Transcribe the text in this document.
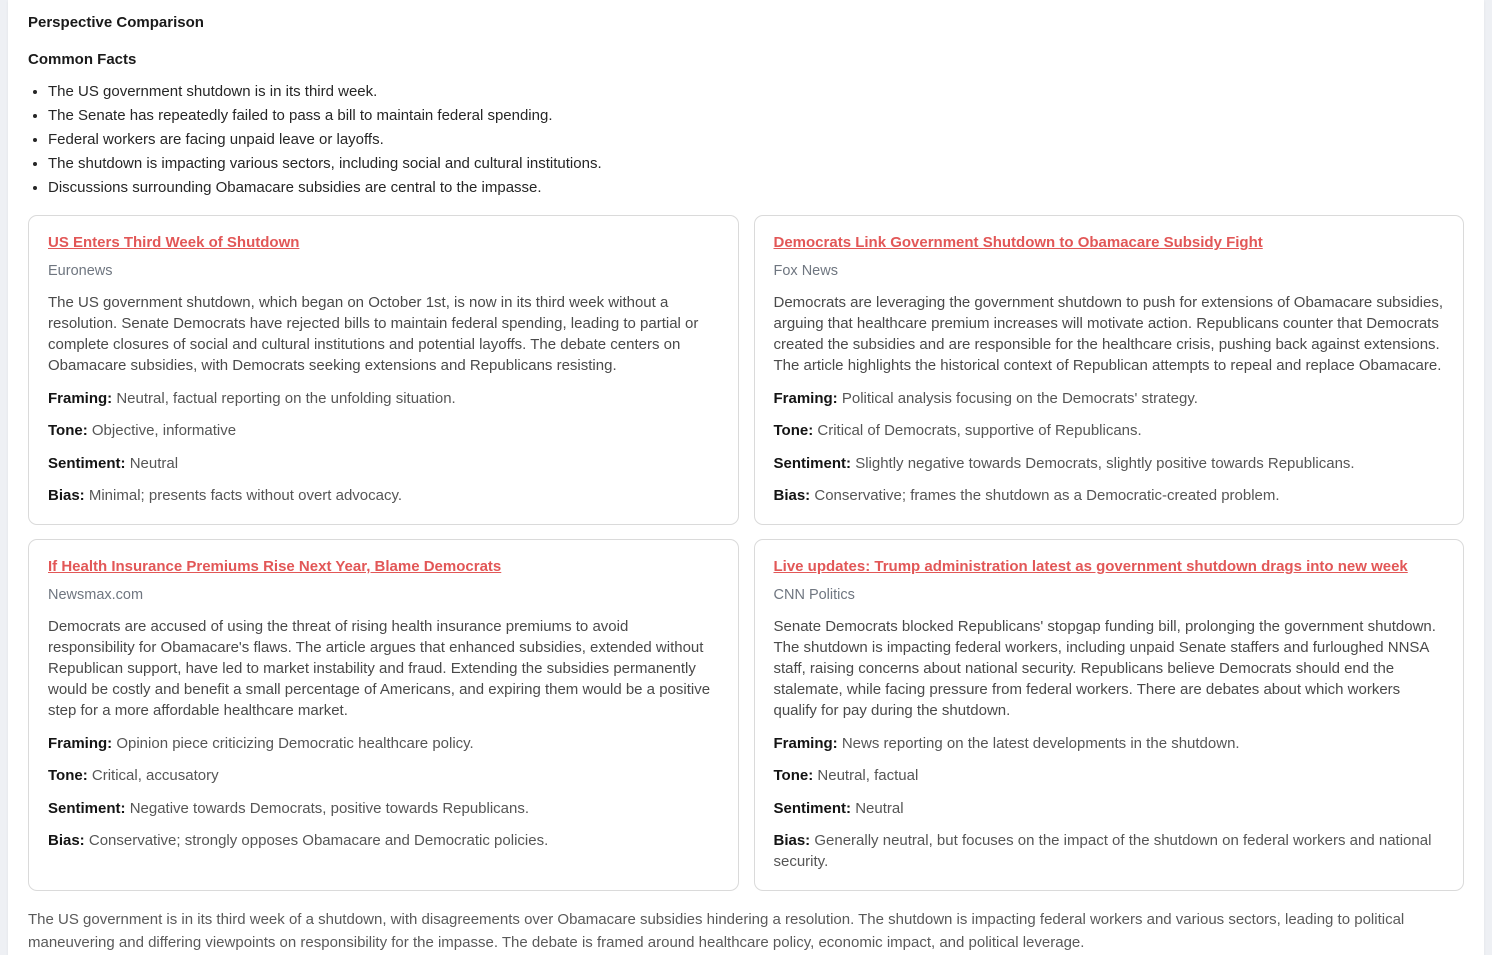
Perspective Comparison
Common Facts
• The US government shutdown is in its third week.
• The Senate has repeatedly failed to pass a bill to maintain federal spending.
• Federal workers are facing unpaid leave or layoffs.
• The shutdown is impacting various sectors, including social and cultural institutions.
• Discussions surrounding Obamacare subsidies are central to the impasse.
US Enters Third Week of Shutdown
Euronews
The US government shutdown, which began on October 1st, is now in its third week without a resolution. Senate Democrats have rejected bills to maintain federal spending, leading to partial or complete closures of social and cultural institutions and potential layoffs. The debate centers on Obamacare subsidies, with Democrats seeking extensions and Republicans resisting.
Framing: Neutral, factual reporting on the unfolding situation.
Tone: Objective, informative
Sentiment: Neutral
Bias: Minimal; presents facts without overt advocacy.
Democrats Link Government Shutdown to Obamacare Subsidy Fight
Fox News
Democrats are leveraging the government shutdown to push for extensions of Obamacare subsidies, arguing that healthcare premium increases will motivate action. Republicans counter that Democrats created the subsidies and are responsible for the healthcare crisis, pushing back against extensions. The article highlights the historical context of Republican attempts to repeal and replace Obamacare.
Framing: Political analysis focusing on the Democrats' strategy.
Tone: Critical of Democrats, supportive of Republicans.
Sentiment: Slightly negative towards Democrats, slightly positive towards Republicans.
Bias: Conservative; frames the shutdown as a Democratic-created problem.
If Health Insurance Premiums Rise Next Year, Blame Democrats
Newsmax.com
Democrats are accused of using the threat of rising health insurance premiums to avoid responsibility for Obamacare's flaws. The article argues that enhanced subsidies, extended without Republican support, have led to market instability and fraud. Extending the subsidies permanently would be costly and benefit a small percentage of Americans, and expiring them would be a positive step for a more affordable healthcare market.
Framing: Opinion piece criticizing Democratic healthcare policy.
Tone: Critical, accusatory
Sentiment: Negative towards Democrats, positive towards Republicans.
Bias: Conservative; strongly opposes Obamacare and Democratic policies.
Live updates: Trump administration latest as government shutdown drags into new week
CNN Politics
Senate Democrats blocked Republicans' stopgap funding bill, prolonging the government shutdown. The shutdown is impacting federal workers, including unpaid Senate staffers and furloughed NNSA staff, raising concerns about national security. Republicans believe Democrats should end the stalemate, while facing pressure from federal workers. There are debates about which workers qualify for pay during the shutdown.
Framing: News reporting on the latest developments in the shutdown.
Tone: Neutral, factual
Sentiment: Neutral
Bias: Generally neutral, but focuses on the impact of the shutdown on federal workers and national security.
The US government is in its third week of a shutdown, with disagreements over Obamacare subsidies hindering a resolution. The shutdown is impacting federal workers and various sectors, leading to political maneuvering and differing viewpoints on responsibility for the impasse. The debate is framed around healthcare policy, economic impact, and political leverage.
